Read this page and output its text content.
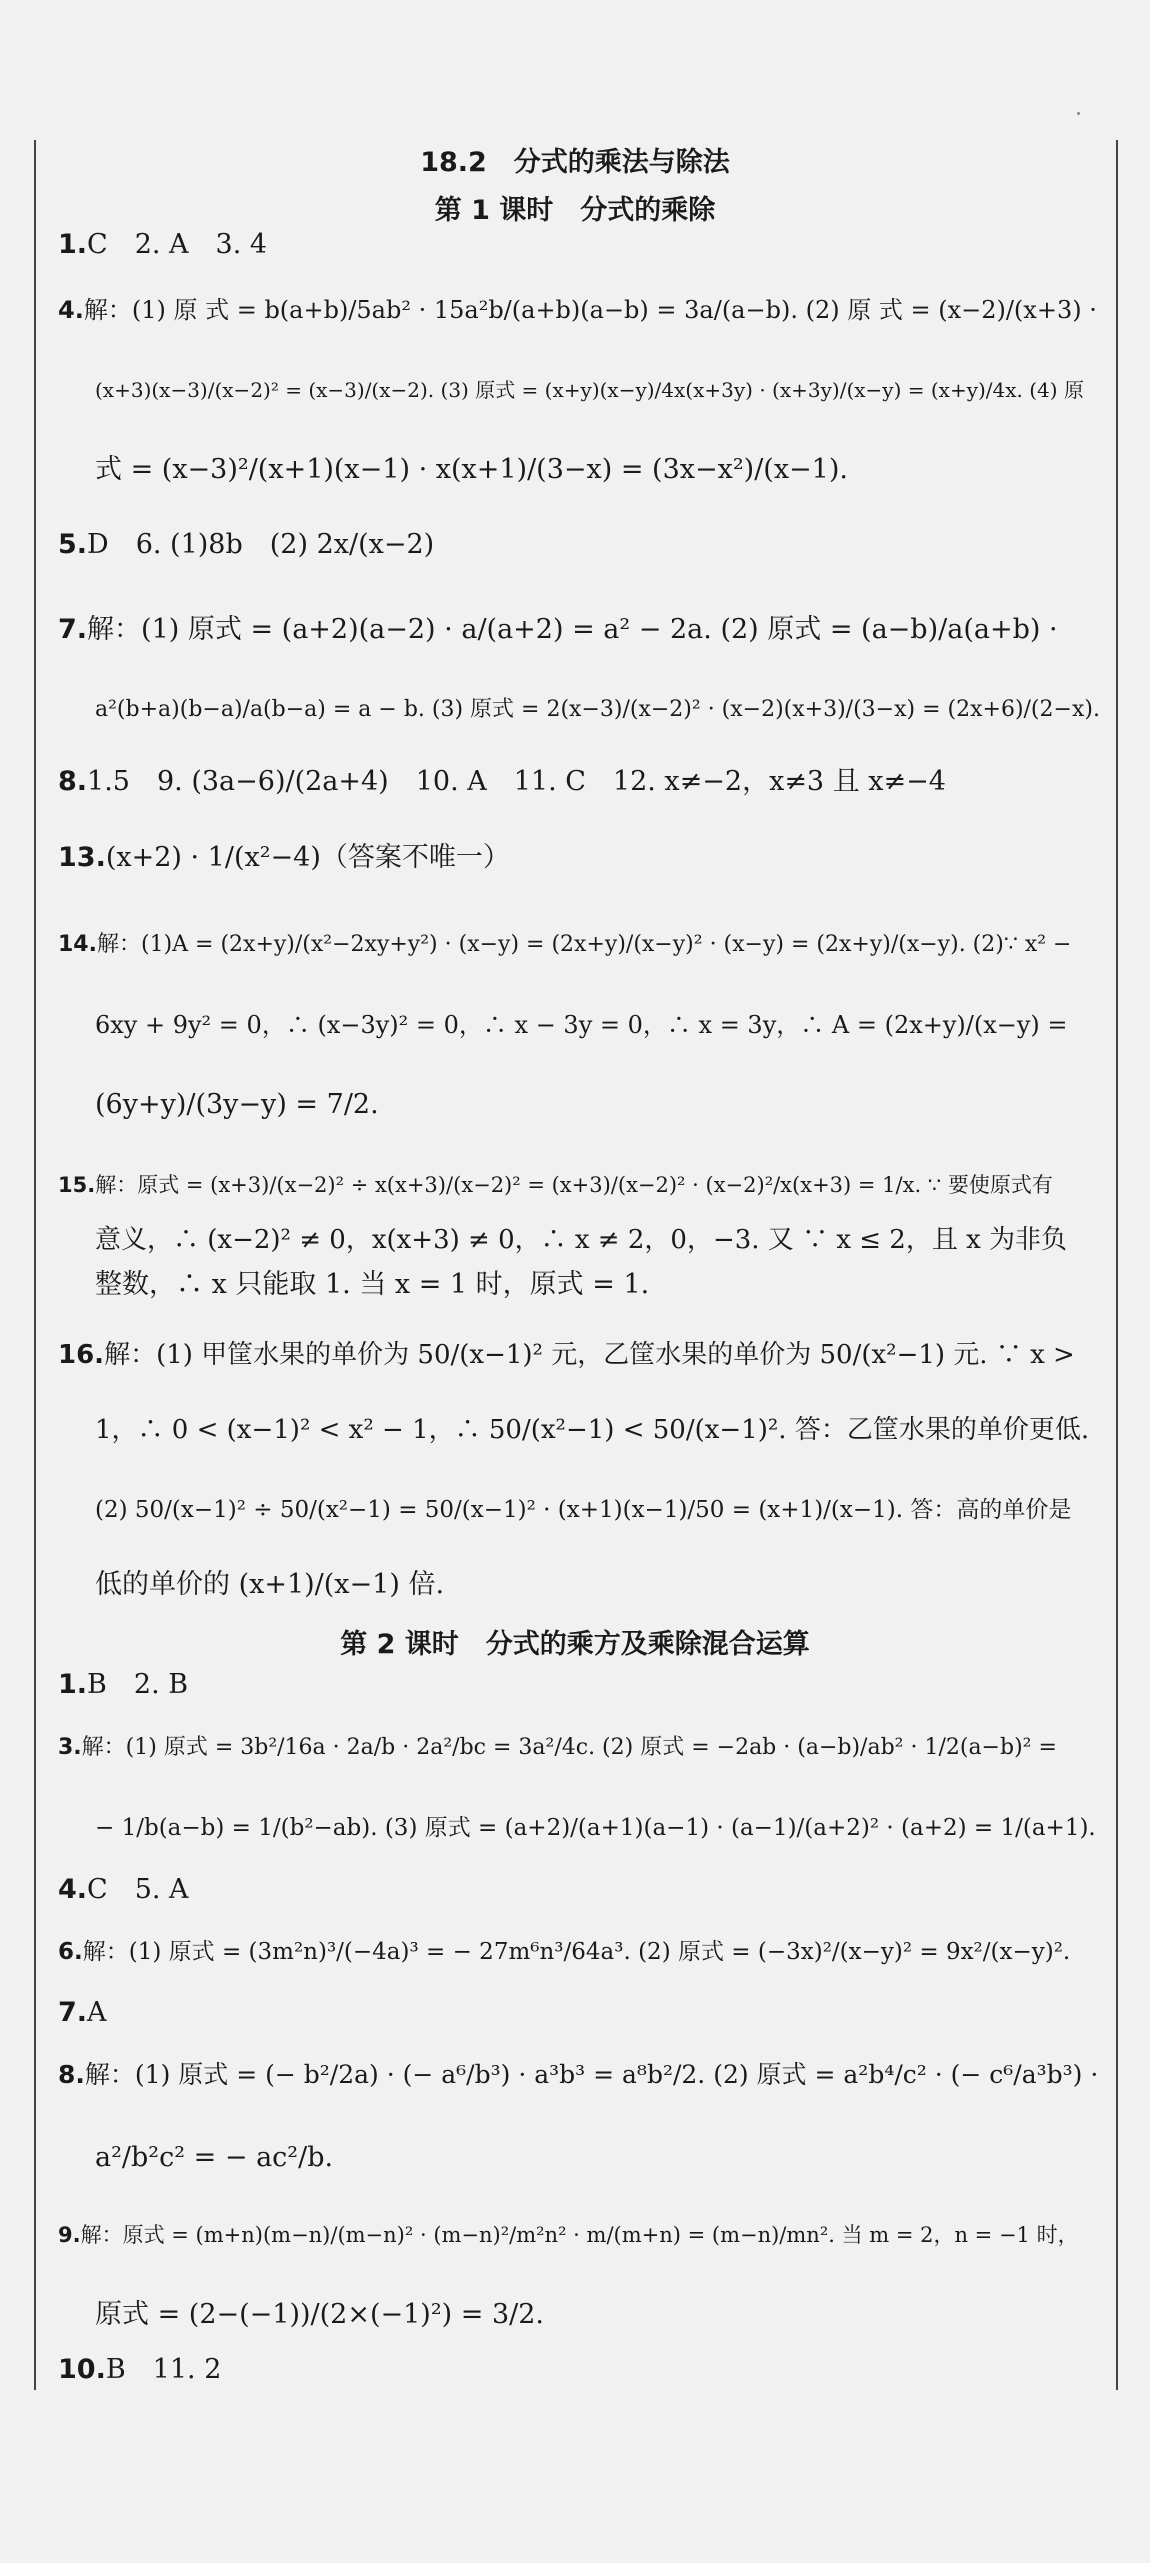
18.2　分式的乘法与除法
第 1 课时　分式的乘除
1.C　2. A　3. 4
4.解：(1) 原 式 = b(a+b)/5ab² · 15a²b/(a+b)(a−b) = 3a/(a−b). (2) 原 式 = (x−2)/(x+3) ·
(x+3)(x−3)/(x−2)² = (x−3)/(x−2). (3) 原式 = (x+y)(x−y)/4x(x+3y) · (x+3y)/(x−y) = (x+y)/4x. (4) 原
式 = (x−3)²/(x+1)(x−1) · x(x+1)/(3−x) = (3x−x²)/(x−1).
5.D　6. (1)8b　(2) 2x/(x−2)
7.解：(1) 原式 = (a+2)(a−2) · a/(a+2) = a² − 2a. (2) 原式 = (a−b)/a(a+b) ·
a²(b+a)(b−a)/a(b−a) = a − b. (3) 原式 = 2(x−3)/(x−2)² · (x−2)(x+3)/(3−x) = (2x+6)/(2−x).
8.1.5　9. (3a−6)/(2a+4)　10. A　11. C　12. x≠−2，x≠3 且 x≠−4
13.(x+2) · 1/(x²−4)（答案不唯一）
14.解：(1)A = (2x+y)/(x²−2xy+y²) · (x−y) = (2x+y)/(x−y)² · (x−y) = (2x+y)/(x−y). (2)∵ x² −
6xy + 9y² = 0，∴ (x−3y)² = 0，∴ x − 3y = 0，∴ x = 3y，∴ A = (2x+y)/(x−y) =
(6y+y)/(3y−y) = 7/2.
15.解：原式 = (x+3)/(x−2)² ÷ x(x+3)/(x−2)² = (x+3)/(x−2)² · (x−2)²/x(x+3) = 1/x. ∵ 要使原式有
意义，∴ (x−2)² ≠ 0，x(x+3) ≠ 0，∴ x ≠ 2，0，−3. 又 ∵ x ≤ 2，且 x 为非负
整数，∴ x 只能取 1. 当 x = 1 时，原式 = 1.
16.解：(1) 甲筐水果的单价为 50/(x−1)² 元，乙筐水果的单价为 50/(x²−1) 元. ∵ x >
1，∴ 0 < (x−1)² < x² − 1，∴ 50/(x²−1) < 50/(x−1)². 答：乙筐水果的单价更低.
(2) 50/(x−1)² ÷ 50/(x²−1) = 50/(x−1)² · (x+1)(x−1)/50 = (x+1)/(x−1). 答：高的单价是
低的单价的 (x+1)/(x−1) 倍.
第 2 课时　分式的乘方及乘除混合运算
1.B　2. B
3.解：(1) 原式 = 3b²/16a · 2a/b · 2a²/bc = 3a²/4c. (2) 原式 = −2ab · (a−b)/ab² · 1/2(a−b)² =
− 1/b(a−b) = 1/(b²−ab). (3) 原式 = (a+2)/(a+1)(a−1) · (a−1)/(a+2)² · (a+2) = 1/(a+1).
4.C　5. A
6.解：(1) 原式 = (3m²n)³/(−4a)³ = − 27m⁶n³/64a³. (2) 原式 = (−3x)²/(x−y)² = 9x²/(x−y)².
7.A
8.解：(1) 原式 = (− b²/2a) · (− a⁶/b³) · a³b³ = a⁸b²/2. (2) 原式 = a²b⁴/c² · (− c⁶/a³b³) ·
a²/b²c² = − ac²/b.
9.解：原式 = (m+n)(m−n)/(m−n)² · (m−n)²/m²n² · m/(m+n) = (m−n)/mn². 当 m = 2，n = −1 时，
原式 = (2−(−1))/(2×(−1)²) = 3/2.
10.B　11. 2
